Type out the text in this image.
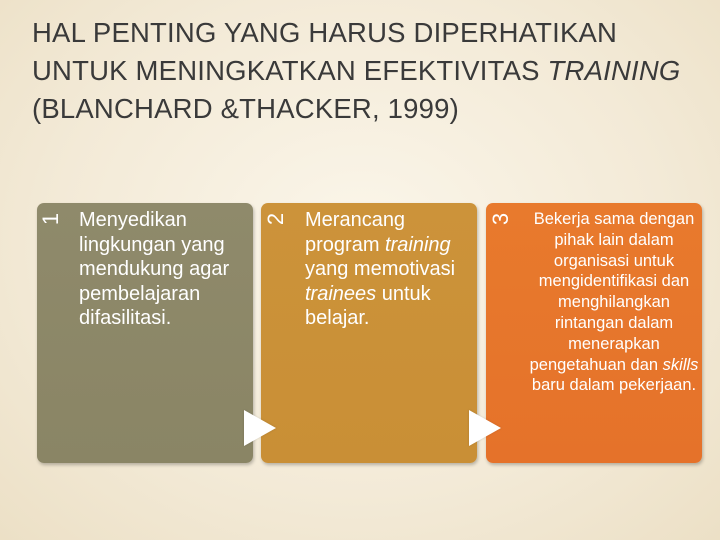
HAL PENTING YANG HARUS DIPERHATIKAN
UNTUK MENINGKATKAN EFEKTIVITAS TRAINING
(BLANCHARD &THACKER, 1999)
1 Menyedikan lingkungan yang mendukung agar pembelajaran difasilitasi.
2 Merancang program training yang memotivasi trainees untuk belajar.
3 Bekerja sama dengan pihak lain dalam organisasi untuk mengidentifikasi dan menghilangkan rintangan dalam menerapkan pengetahuan dan skills baru dalam pekerjaan.
